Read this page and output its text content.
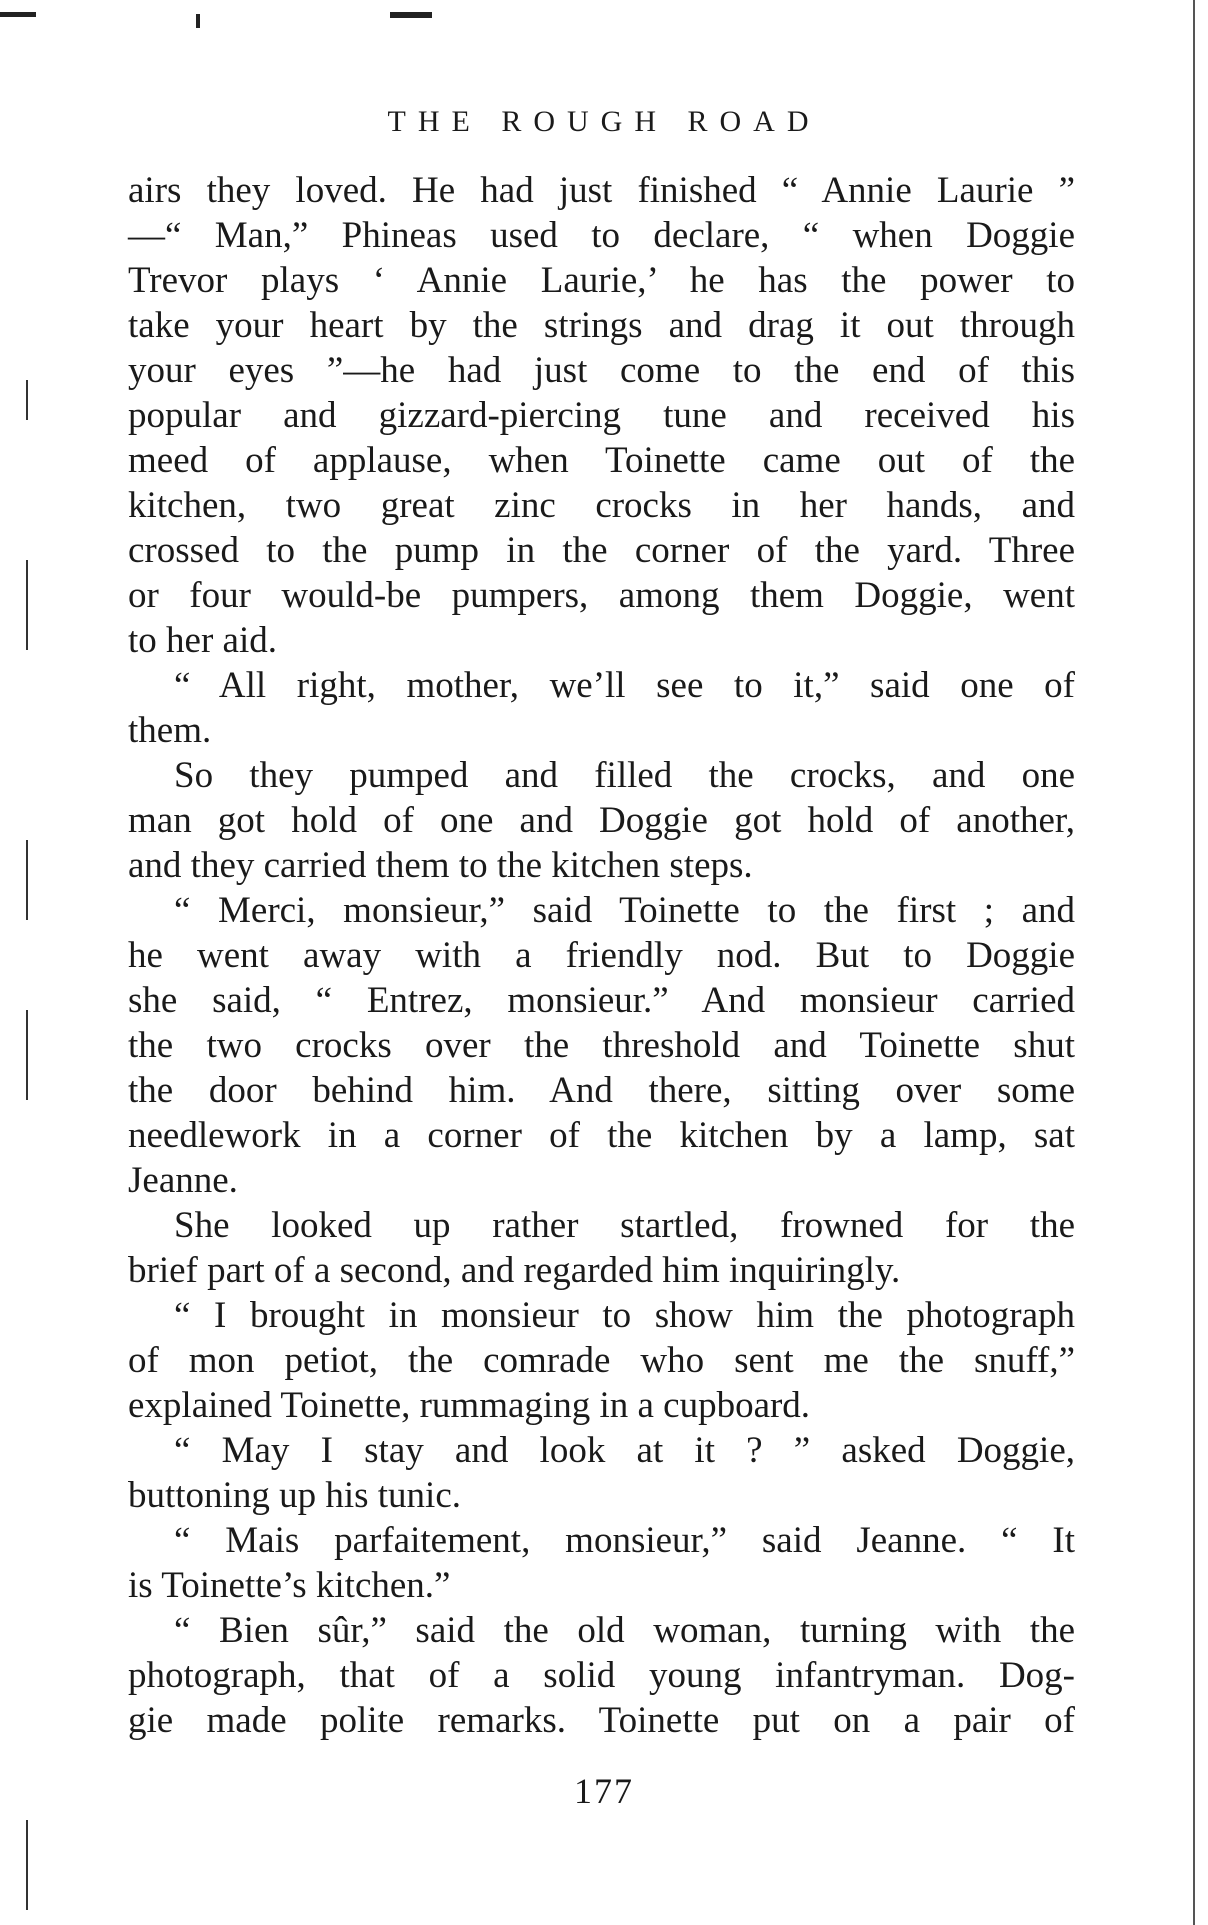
THE ROUGH ROAD
airs they loved. He had just finished “ Annie Laurie ”
—“ Man,” Phineas used to declare, “ when Doggie
Trevor plays ‘ Annie Laurie,’ he has the power to
take your heart by the strings and drag it out through
your eyes ”—he had just come to the end of this
popular and gizzard-piercing tune and received his
meed of applause, when Toinette came out of the
kitchen, two great zinc crocks in her hands, and
crossed to the pump in the corner of the yard. Three
or four would-be pumpers, among them Doggie, went
to her aid.
“ All right, mother, we’ll see to it,” said one of
them.
So they pumped and filled the crocks, and one
man got hold of one and Doggie got hold of another,
and they carried them to the kitchen steps.
“ Merci, monsieur,” said Toinette to the first ; and
he went away with a friendly nod. But to Doggie
she said, “ Entrez, monsieur.” And monsieur carried
the two crocks over the threshold and Toinette shut
the door behind him. And there, sitting over some
needlework in a corner of the kitchen by a lamp, sat
Jeanne.
She looked up rather startled, frowned for the
brief part of a second, and regarded him inquiringly.
“ I brought in monsieur to show him the photograph
of mon petiot, the comrade who sent me the snuff,”
explained Toinette, rummaging in a cupboard.
“ May I stay and look at it ? ” asked Doggie,
buttoning up his tunic.
“ Mais parfaitement, monsieur,” said Jeanne. “ It
is Toinette’s kitchen.”
“ Bien sûr,” said the old woman, turning with the
photograph, that of a solid young infantryman. Dog-
gie made polite remarks. Toinette put on a pair of
177
